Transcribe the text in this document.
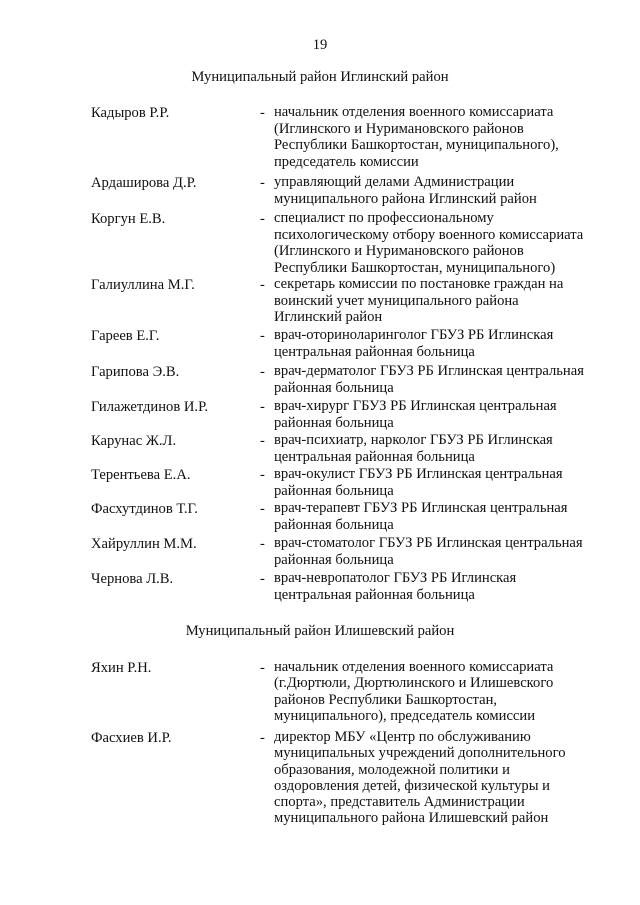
19
Муниципальный район Иглинский район
Кадыров Р.Р.	- начальник отделения военного комиссариата
(Иглинского и Нуримановского районов
Республики Башкортостан, муниципального),
председатель комиссии
Ардаширова Д.Р.	- управляющий делами Администрации
муниципального района Иглинский район
Коргун Е.В.	- специалист по профессиональному
психологическому отбору военного комиссариата
(Иглинского и Нуримановского районов
Республики Башкортостан, муниципального)
Галиуллина М.Г.	- секретарь комиссии по постановке граждан на
воинский учет муниципального района
Иглинский район
Гареев Е.Г.	- врач-оториноларинголог ГБУЗ РБ Иглинская
центральная районная больница
Гарипова Э.В.	- врач-дерматолог ГБУЗ РБ Иглинская центральная
районная больница
Гилажетдинов И.Р.	- врач-хирург ГБУЗ РБ Иглинская центральная
районная больница
Карунас Ж.Л.	- врач-психиатр, нарколог ГБУЗ РБ Иглинская
центральная районная больница
Терентьева Е.А.	- врач-окулист ГБУЗ РБ Иглинская центральная
районная больница
Фасхутдинов Т.Г.	- врач-терапевт ГБУЗ РБ Иглинская центральная
районная больница
Хайруллин М.М.	- врач-стоматолог ГБУЗ РБ Иглинская центральная
районная больница
Чернова Л.В.	- врач-невропатолог ГБУЗ РБ Иглинская
центральная районная больница
Муниципальный район Илишевский район
Яхин Р.Н.	- начальник отделения военного комиссариата
(г.Дюртюли, Дюртюлинского и Илишевского
районов Республики Башкортостан,
муниципального), председатель комиссии
Фасхиев И.Р.	- директор МБУ «Центр по обслуживанию
муниципальных учреждений дополнительного
образования, молодежной политики и
оздоровления детей, физической культуры и
спорта», представитель Администрации
муниципального района Илишевский район
